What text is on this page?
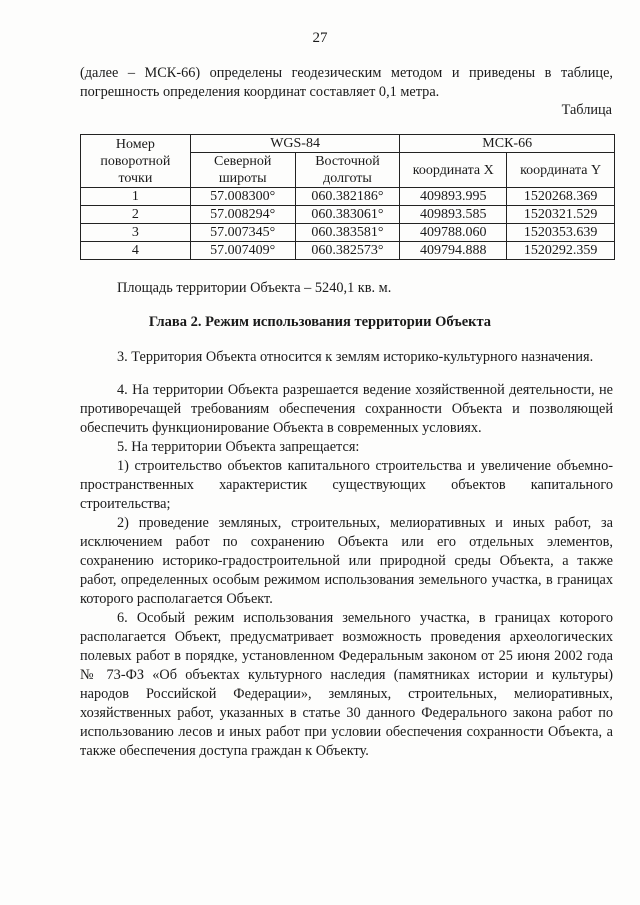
27
(далее – МСК-66) определены геодезическим методом и приведены в таблице, погрешность определения координат составляет 0,1 метра.
Таблица
Номер поворотной точки	WGS-84		МСК-66	
	Северной широты	Восточной долготы	координата X	координата Y
1	57.008300°	060.382186°	409893.995	1520268.369
2	57.008294°	060.383061°	409893.585	1520321.529
3	57.007345°	060.383581°	409788.060	1520353.639
4	57.007409°	060.382573°	409794.888	1520292.359
Площадь территории Объекта – 5240,1 кв. м.
Глава 2. Режим использования территории Объекта
3. Территория Объекта относится к землям историко-культурного назначения.
4. На территории Объекта разрешается ведение хозяйственной деятельности, не противоречащей требованиям обеспечения сохранности Объекта и позволяющей обеспечить функционирование Объекта в современных условиях.
5. На территории Объекта запрещается:
1) строительство объектов капитального строительства и увеличение объемно-пространственных характеристик существующих объектов капитального строительства;
2) проведение земляных, строительных, мелиоративных и иных работ, за исключением работ по сохранению Объекта или его отдельных элементов, сохранению историко-градостроительной или природной среды Объекта, а также работ, определенных особым режимом использования земельного участка, в границах которого располагается Объект.
6. Особый режим использования земельного участка, в границах которого располагается Объект, предусматривает возможность проведения археологических полевых работ в порядке, установленном Федеральным законом от 25 июня 2002 года № 73-ФЗ «Об объектах культурного наследия (памятниках истории и культуры) народов Российской Федерации», земляных, строительных, мелиоративных, хозяйственных работ, указанных в статье 30 данного Федерального закона работ по использованию лесов и иных работ при условии обеспечения сохранности Объекта, а также обеспечения доступа граждан к Объекту.
